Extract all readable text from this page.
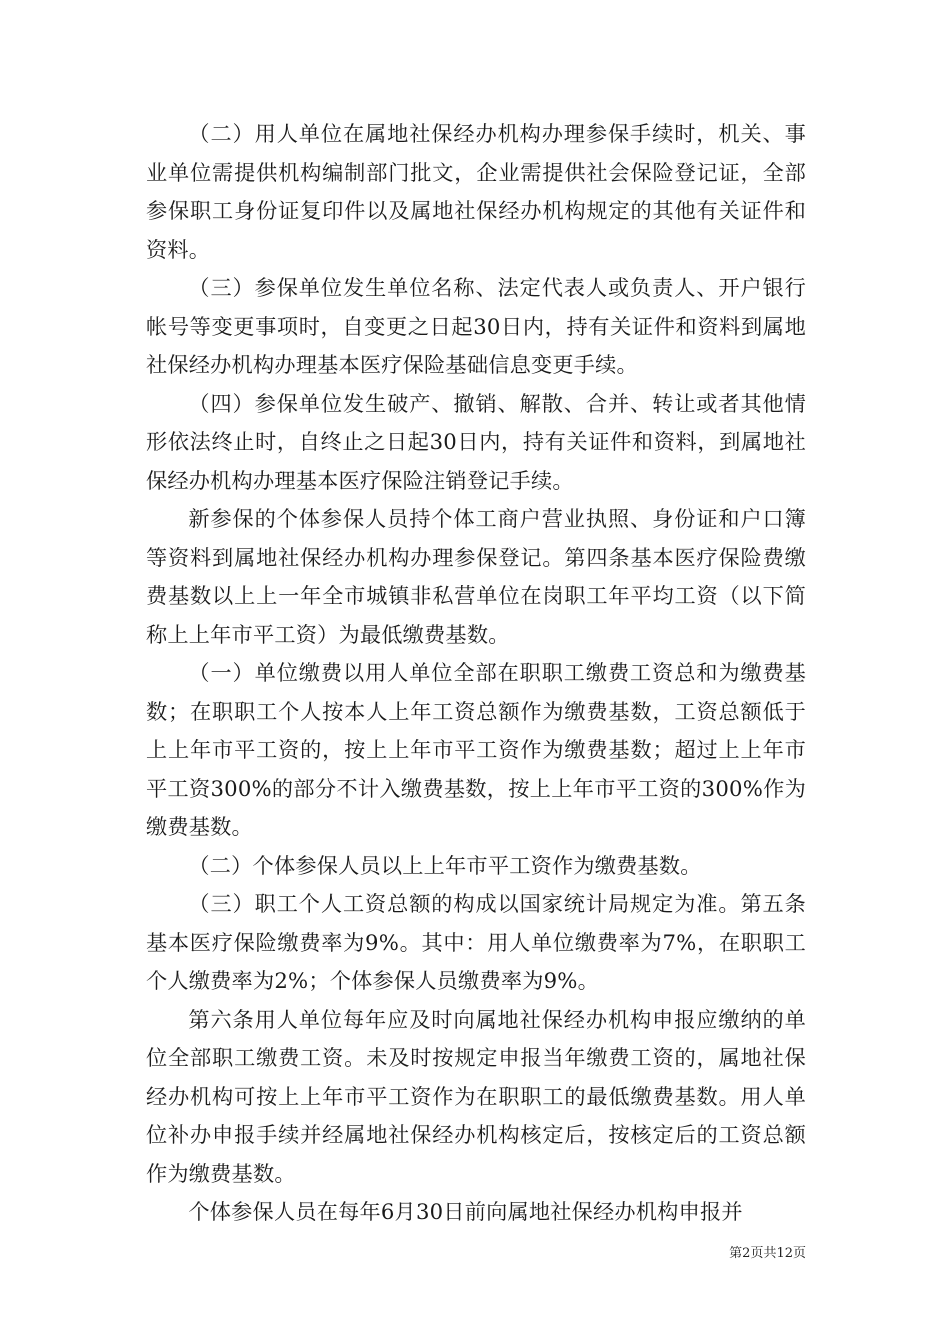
（二）用人单位在属地社保经办机构办理参保手续时，机关、事业单位需提供机构编制部门批文，企业需提供社会保险登记证，全部参保职工身份证复印件以及属地社保经办机构规定的其他有关证件和资料。

（三）参保单位发生单位名称、法定代表人或负责人、开户银行帐号等变更事项时，自变更之日起30日内，持有关证件和资料到属地社保经办机构办理基本医疗保险基础信息变更手续。

（四）参保单位发生破产、撤销、解散、合并、转让或者其他情形依法终止时，自终止之日起30日内，持有关证件和资料，到属地社保经办机构办理基本医疗保险注销登记手续。

新参保的个体参保人员持个体工商户营业执照、身份证和户口簿等资料到属地社保经办机构办理参保登记。第四条基本医疗保险费缴费基数以上上一年全市城镇非私营单位在岗职工年平均工资（以下简称上上年市平工资）为最低缴费基数。

（一）单位缴费以用人单位全部在职职工缴费工资总和为缴费基数；在职职工个人按本人上年工资总额作为缴费基数，工资总额低于上上年市平工资的，按上上年市平工资作为缴费基数；超过上上年市平工资300%的部分不计入缴费基数，按上上年市平工资的300%作为缴费基数。

（二）个体参保人员以上上年市平工资作为缴费基数。

（三）职工个人工资总额的构成以国家统计局规定为准。第五条基本医疗保险缴费率为9%。其中：用人单位缴费率为7%，在职职工个人缴费率为2%；个体参保人员缴费率为9%。

第六条用人单位每年应及时向属地社保经办机构申报应缴纳的单位全部职工缴费工资。未及时按规定申报当年缴费工资的，属地社保经办机构可按上上年市平工资作为在职职工的最低缴费基数。用人单位补办申报手续并经属地社保经办机构核定后，按核定后的工资总额作为缴费基数。

个体参保人员在每年6月30日前向属地社保经办机构申报并

第2页共12页
